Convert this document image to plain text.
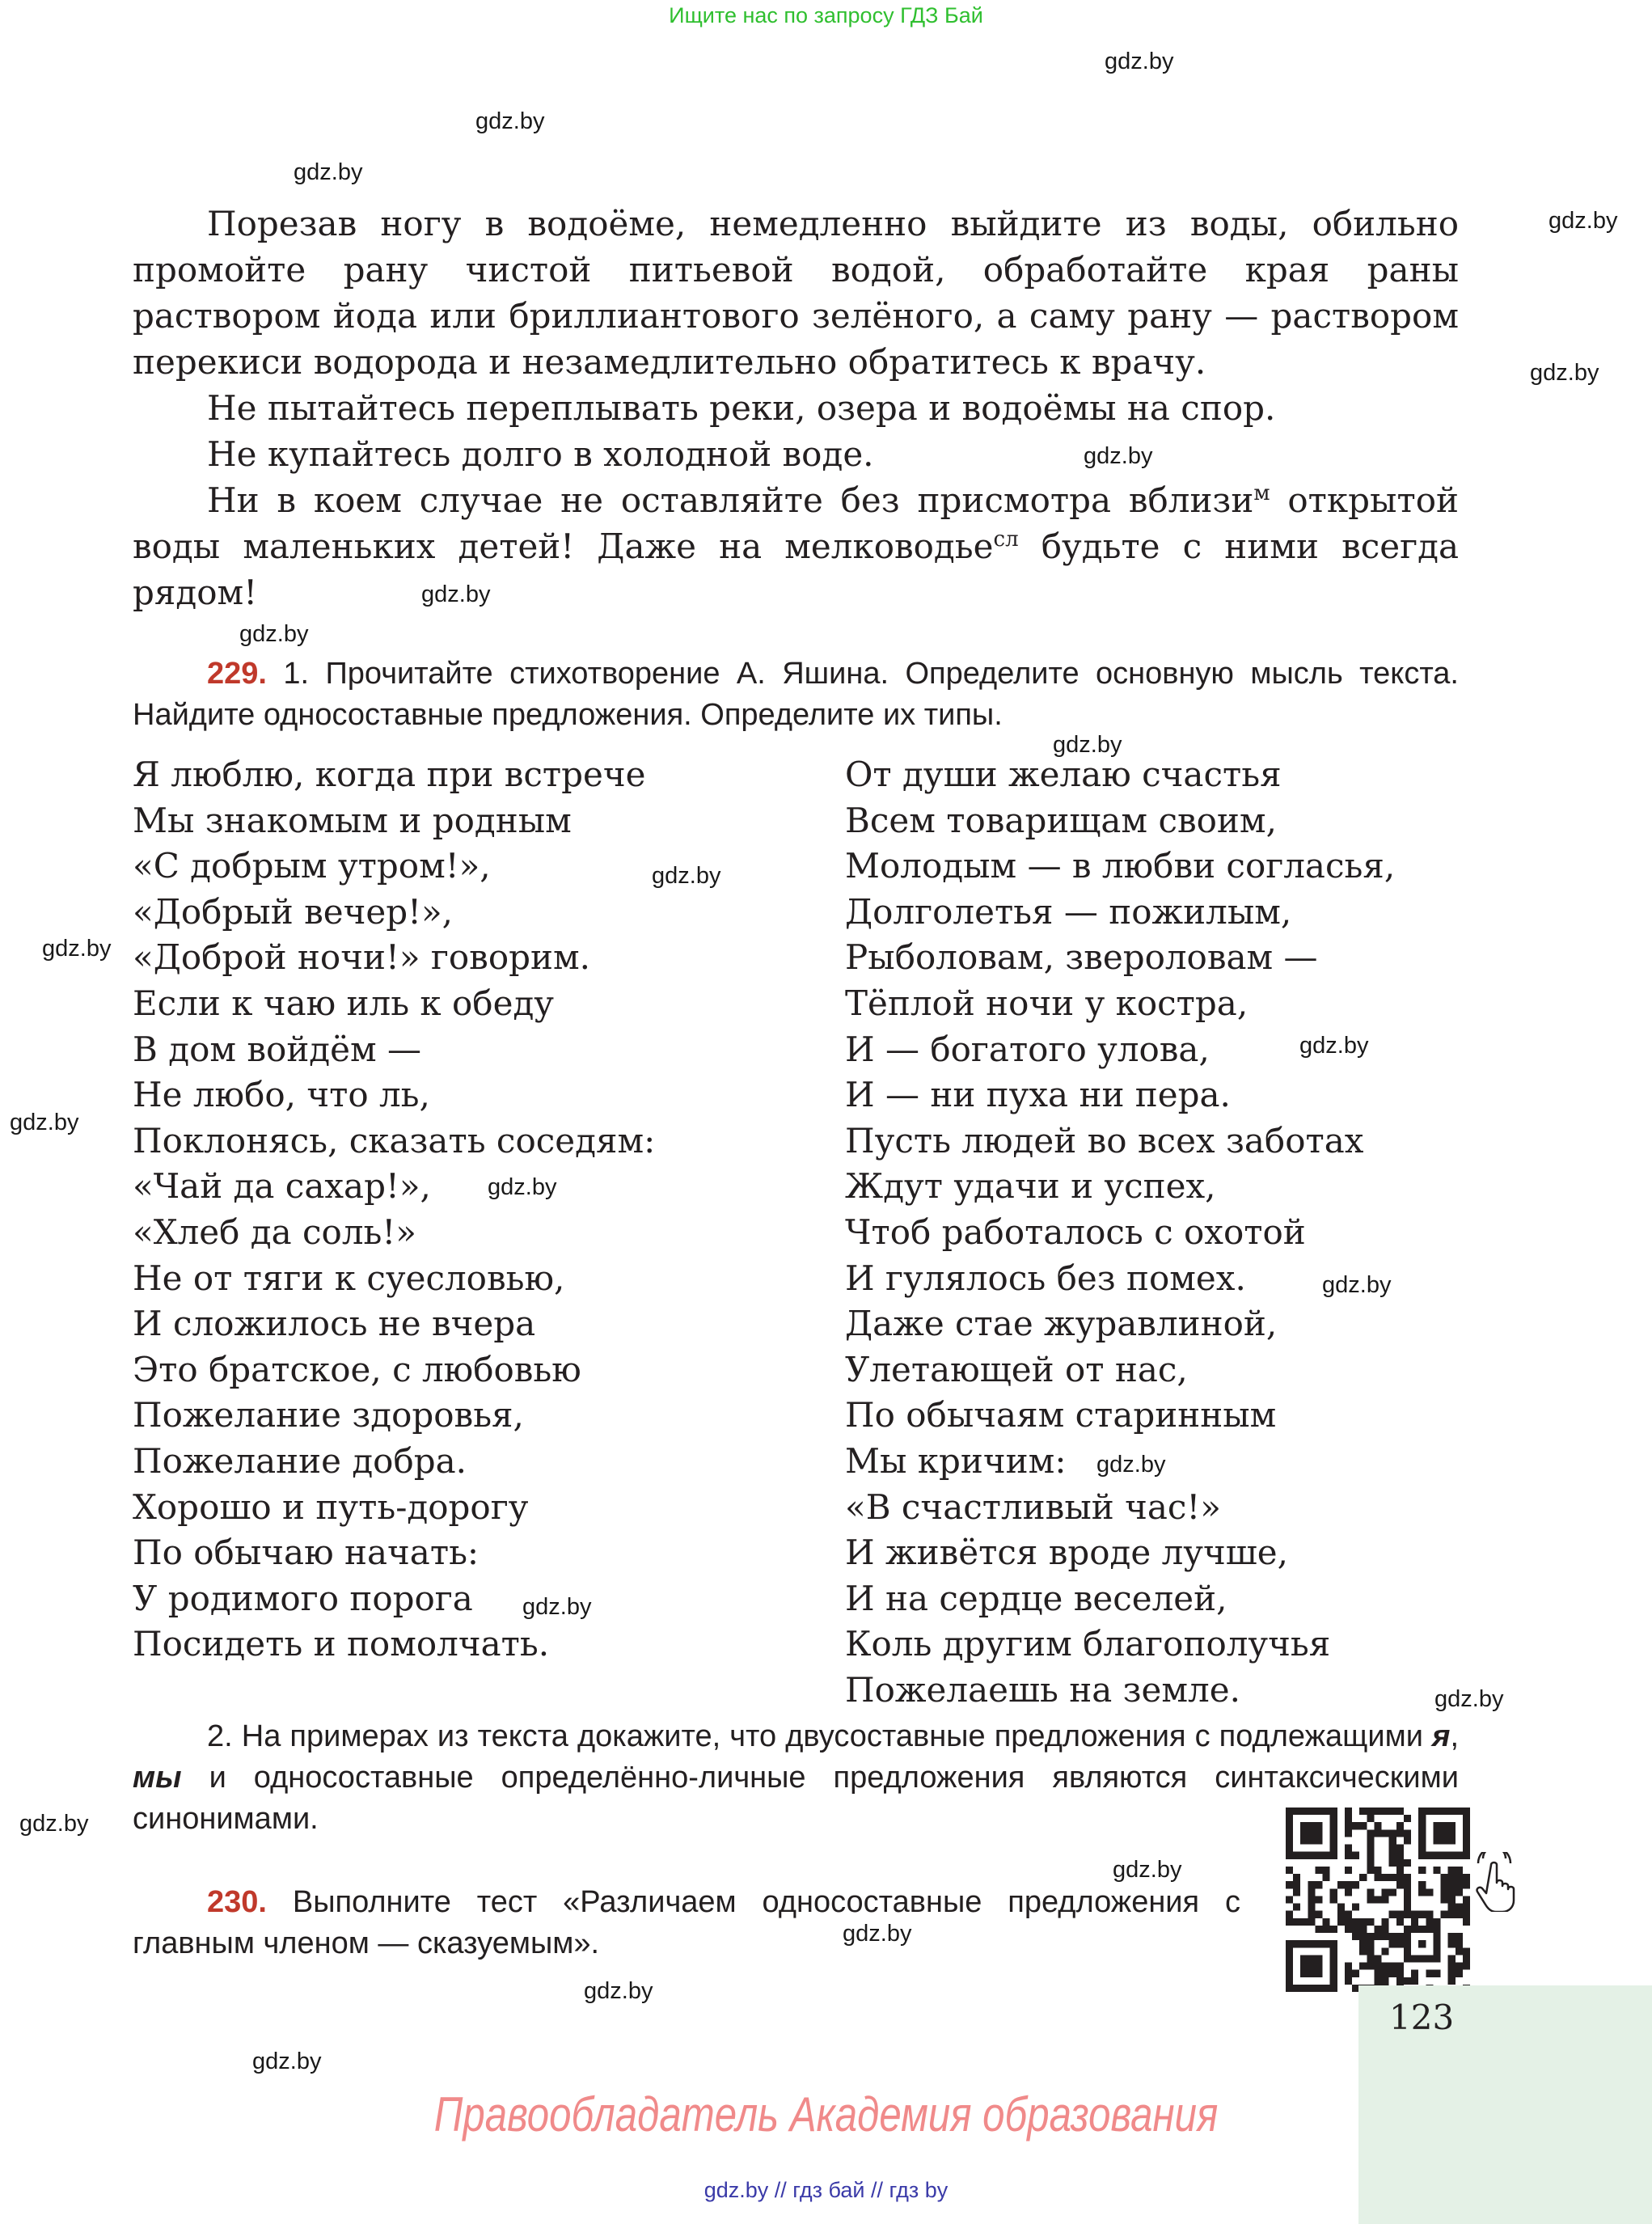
Ищите нас по запросу ГДЗ Бай
gdz.by
gdz.by
gdz.by
gdz.by
gdz.by
gdz.by
gdz.by
gdz.by
gdz.by
gdz.by
gdz.by
gdz.by
gdz.by
gdz.by
gdz.by
gdz.by
gdz.by
gdz.by
gdz.by
gdz.by
gdz.by
gdz.by
gdz.by

Порезав ногу в водоёме, немедленно выйдите из воды, обильно промойте рану чистой питьевой водой, обработайте края раны раствором йода или бриллиантового зелёного, а саму рану — раствором перекиси водорода и незамедлительно обратитесь к врачу.

Не пытайтесь переплывать реки, озера и водоёмы на спор.

Не купайтесь долго в холодной воде.

Ни в коем случае не оставляйте без присмотра вблизи$^м$ открытой воды маленьких детей! Даже на мелководье$^{сл}$ будьте с ними всегда рядом!

229. 1. Прочитайте стихотворение А. Яшина. Определите основную мысль текста. Найдите односоставные предложения. Определите их типы.
Я люблю, когда при встрече
Мы знакомым и родным
«С добрым утром!»,
«Добрый вечер!»,
«Доброй ночи!» говорим.
Если к чаю иль к обеду
В дом войдём —
Не любо, что ль,
Поклонясь, сказать соседям:
«Чай да сахар!»,
«Хлеб да соль!»
Не от тяги к суесловью,
И сложилось не вчера
Это братское, с любовью
Пожелание здоровья,
Пожелание добра.
Хорошо и путь-дорогу
По обычаю начать:
У родимого порога
Посидеть и помолчать.
От души желаю счастья
Всем товарищам своим,
Молодым — в любви согласья,
Долголетья — пожилым,
Рыболовам, звероловам —
Тёплой ночи у костра,
И — богатого улова,
И — ни пуха ни пера.
Пусть людей во всех заботах
Ждут удачи и успех,
Чтоб работалось с охотой
И гулялось без помех.
Даже стае журавлиной,
Улетающей от нас,
По обычаям старинным
Мы кричим:
«В счастливый час!»
И живётся вроде лучше,
И на сердце веселей,
Коль другим благополучья
Пожелаешь на земле.
2. На примерах из текста докажите, что двусоставные предложения с подлежащими я, мы и односоставные определённо-личные предложения являются синтаксическими синонимами.
230. Выполните тест «Различаем односоставные предложения с главным членом — сказуемым».
123
Правообладатель Академия образования
gdz.by // гдз бай // гдз by
